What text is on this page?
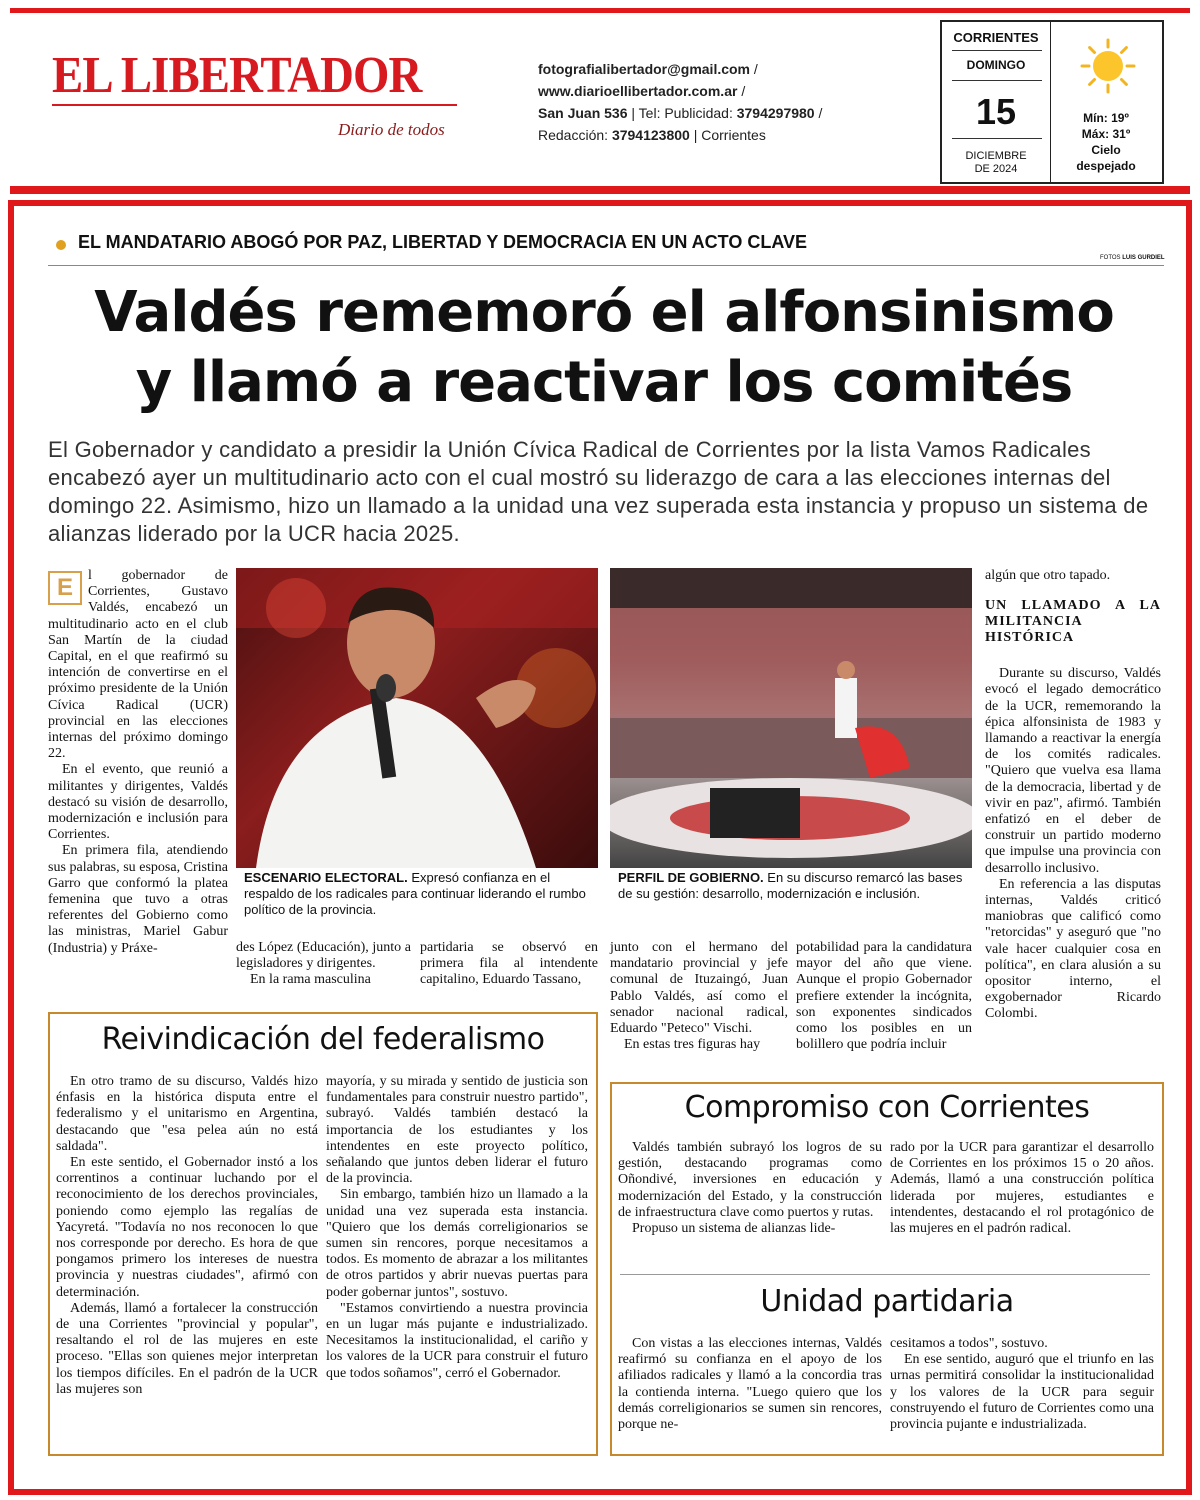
EL LIBERTADOR
Diario de todos
fotografialibertador@gmail.com /
www.diarioellibertador.com.ar /
San Juan 536 | Tel: Publicidad: 3794297980 /
Redacción: 3794123800 | Corrientes
CORRIENTES
DOMINGO
15
DICIEMBRE
DE 2024
Mín: 19º
Máx: 31º
Cielo
despejado
EL MANDATARIO ABOGÓ POR PAZ, LIBERTAD Y DEMOCRACIA EN UN ACTO CLAVE
FOTOS LUIS GURDIEL
Valdés rememoró el alfonsinismo
y llamó a reactivar los comités
El Gobernador y candidato a presidir la Unión Cívica Radical de Corrientes por la lista Vamos Radicales encabezó ayer un multitudinario acto con el cual mostró su liderazgo de cara a las elecciones internas del domingo 22. Asimismo, hizo un llamado a la unidad una vez superada esta instancia y propuso un sistema de alianzas liderado por la UCR hacia 2025.

E	l gobernador de Corrientes, Gustavo Valdés, encabezó un multitudinario acto en el club San Martín de la ciudad Capital, en el que reafirmó su intención de convertirse en el próximo presidente de la Unión Cívica Radical (UCR) provincial en las elecciones internas del próximo domingo 22.

En el evento, que reunió a militantes y dirigentes, Valdés destacó su visión de desarrollo, modernización e inclusión para Corrientes.

En primera fila, atendiendo sus palabras, su esposa, Cristina Garro que conformó la platea femenina que tuvo a otras referentes del Gobierno como las ministras, Mariel Gabur (Industria) y Práxe-

ESCENARIO ELECTORAL. Expresó confianza en el respaldo de los radicales para continuar liderando el rumbo político de la provincia.
PERFIL DE GOBIERNO. En su discurso remarcó las bases de su gestión: desarrollo, modernización e inclusión.

des López (Educación), junto a legisladores y dirigentes.

En la rama masculina

partidaria se observó en primera fila al intendente capitalino, Eduardo Tassano,

junto con el hermano del mandatario provincial y jefe comunal de Ituzaingó, Juan Pablo Valdés, así como el senador nacional radical, Eduardo "Peteco" Vischi.

En estas tres figuras hay

potabilidad para la candidatura mayor del año que viene. Aunque el propio Gobernador prefiere extender la incógnita, son exponentes sindicados como los posibles en un bolillero que podría incluir

algún que otro tapado.

UN LLAMADO A LA MILITANCIA HISTÓRICA

Durante su discurso, Valdés evocó el legado democrático de la UCR, rememorando la épica alfonsinista de 1983 y llamando a reactivar la energía de los comités radicales. "Quiero que vuelva esa llama de la democracia, libertad y de vivir en paz", afirmó. También enfatizó en el deber de construir un partido moderno que impulse una provincia con desarrollo inclusivo.

En referencia a las disputas internas, Valdés criticó maniobras que calificó como "retorcidas" y aseguró que "no vale hacer cualquier cosa en política", en clara alusión a su opositor interno, el exgobernador Ricardo Colombi.

Reivindicación del federalismo

En otro tramo de su discurso, Valdés hizo énfasis en la histórica disputa entre el federalismo y el unitarismo en Argentina, destacando que "esa pelea aún no está saldada".

En este sentido, el Gobernador instó a los correntinos a continuar luchando por el reconocimiento de los derechos provinciales, poniendo como ejemplo las regalías de Yacyretá. "Todavía no nos reconocen lo que nos corresponde por derecho. Es hora de que pongamos primero los intereses de nuestra provincia y nuestras ciudades", afirmó con determinación.

Además, llamó a fortalecer la construcción de una Corrientes "provincial y popular", resaltando el rol de las mujeres en este proceso. "Ellas son quienes mejor interpretan los tiempos difíciles. En el padrón de la UCR las mujeres son

mayoría, y su mirada y sentido de justicia son fundamentales para construir nuestro partido", subrayó. Valdés también destacó la importancia de los estudiantes y los intendentes en este proyecto político, señalando que juntos deben liderar el futuro de la provincia.

Sin embargo, también hizo un llamado a la unidad una vez superada esta instancia. "Quiero que los demás correligionarios se sumen sin rencores, porque necesitamos a todos. Es momento de abrazar a los militantes de otros partidos y abrir nuevas puertas para poder gobernar juntos", sostuvo.

"Estamos convirtiendo a nuestra provincia en un lugar más pujante e industrializado. Necesitamos la institucionalidad, el cariño y los valores de la UCR para construir el futuro que todos soñamos", cerró el Gobernador.

Compromiso con Corrientes

Valdés también subrayó los logros de su gestión, destacando programas como Oñondivé, inversiones en educación y modernización del Estado, y la construcción de infraestructura clave como puertos y rutas.

Propuso un sistema de alianzas lide-

rado por la UCR para garantizar el desarrollo de Corrientes en los próximos 15 o 20 años. Además, llamó a una construcción política liderada por mujeres, estudiantes e intendentes, destacando el rol protagónico de las mujeres en el padrón radical.

Unidad partidaria

Con vistas a las elecciones internas, Valdés reafirmó su confianza en el apoyo de los afiliados radicales y llamó a la concordia tras la contienda interna. "Luego quiero que los demás correligionarios se sumen sin rencores, porque ne-

cesitamos a todos", sostuvo.

En ese sentido, auguró que el triunfo en las urnas permitirá consolidar la institucionalidad y los valores de la UCR para seguir construyendo el futuro de Corrientes como una provincia pujante e industrializada.
